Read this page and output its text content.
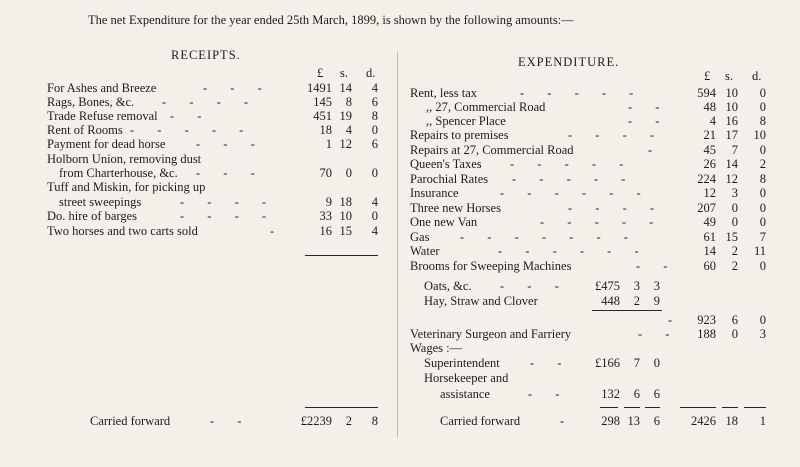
The net Expenditure for the year ended 25th March, 1899, is shown by the following amounts:—
RECEIPTS.
£ s. d.
For Ashes and Breeze	- - -	1491 14	4
Rags, Bones, &c. - - - -	145	8	6
Trade Refuse removal - -	451 19	8
Rent of Rooms - - - - -	18	4	0
Payment for dead horse - - -	1 12	6
Holborn Union, removing dust
from Charterhouse, &c. - - -	70	0	0
Tuff and Miskin, for picking up
street sweepings	- - - -	9 18	4
Do. hire of barges	- - - -	33 10	0
Two horses and two carts sold	-	16 15	4
Carried forward	- -	£2239	2	8
EXPENDITURE.
£ s. d.
Rent, less tax	- - - - -	594 10	0
,, 27, Commercial Road	- -	48 10	0
,, Spencer Place	- -	4 16	8
Repairs to premises	- - - -	21 17	10
Repairs at 27, Commercial Road	-	45	7	0
Queen's Taxes - - - - -	26 14	2
Parochial Rates - - - - -	224 12	8
Insurance	- - - - - -	12	3	0
Three new Horses	- - - -	207	0	0
One new Van	- - - - -	49	0	0
Gas - - - - - - -	61 15	7
Water	- - - - - -	14	2	11
Brooms for Sweeping Machines	- -	60	2	0
Oats, &c. - - -	£475	3	3
Hay, Straw and Clover	448	2	9
-	923	6	0
Veterinary Surgeon and Farriery	- -	188	0	3
Wages :—
Superintendent - -	£166	7	0
Horsekeeper and
assistance	- -	132	6	6
Carried forward	-	298 13	6	2426 18	1
